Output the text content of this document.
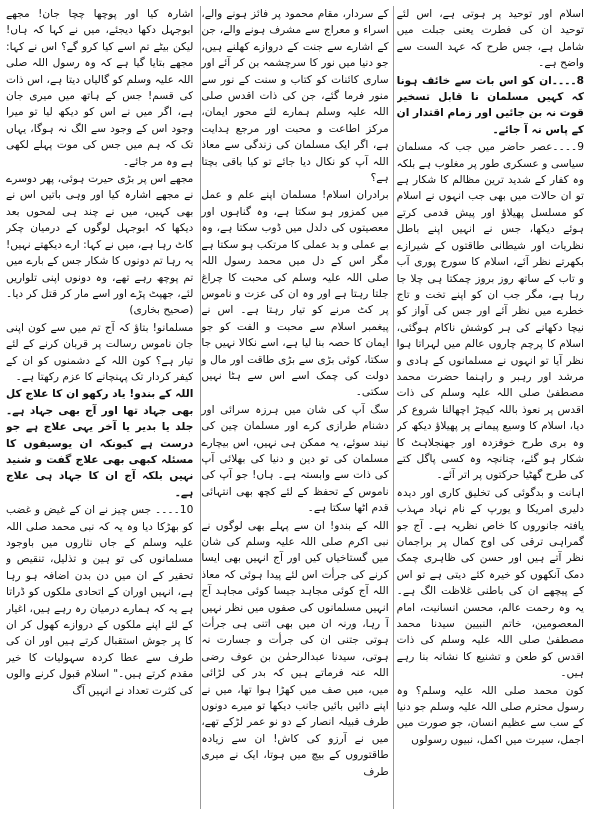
اسلام اور توحید پر ہوتی ہے، اس لئے توحید ان کی فطرت یعنی جبلت میں شامل ہے، جس طرح کہ عہد الست سے واضح ہے۔

8۔۔۔۔ان کو اس بات سے خائف ہونا کہ کہیں مسلمان نا قابل تسخیر قوت نہ بن جائیں اور زمام اقتدار ان کے پاس نہ آ جائے۔

9۔۔۔۔عصر حاضر میں جب کہ مسلمان سیاسی و عسکری طور پر مغلوب ہے بلکہ وہ کفار کے شدید ترین مظالم کا شکار ہے تو ان حالات میں بھی جب انہوں نے اسلام کو مسلسل پھیلاؤ اور پیش قدمی کرتے ہوئے دیکھا، جس نے انہیں اپنے باطل نظریات اور شیطانی طاقتوں کے شیرازے بکھرتے نظر آئے، اسلام کا سورج پوری آب و تاب کے ساتھ روز بروز چمکتا ہی چلا جا رہا ہے، مگر جب ان کو اپنے تخت و تاج خطرے میں نظر آئے اور جس کی آواز کو نیچا دکھانے کی ہر کوشش ناکام ہوگئی، اسلام کا پرچم چاروں عالم میں لہراتا ہوا نظر آیا تو انہوں نے مسلمانوں کے ہادی و مرشد اور رہبر و راہنما حضرت محمد مصطفیٰ صلی اللہ علیہ وسلم کی ذات اقدس پر نعوذ باللہ کیچڑ اچھالنا شروع کر دیا، اسلام کا وسیع پیمانے پر پھیلاؤ دیکھ کر وہ بری طرح خوفزدہ اور جھنجلاہٹ کا شکار ہو گئے، چنانچہ وہ کسی پاگل کتے کی طرح گھٹیا حرکتوں پر اتر آئے۔

اہانت و بدگوئی کی تخلیق کاری اور دیدہ دلیری امریکا و یورپ کے نام نہاد مہذب یافتہ جانوروں کا خاص نظریہ ہے۔ آج جو گمراہی ترقی کی اوج کمال پر براجمان نظر آتے ہیں اور حسن کی ظاہری چمک دمک آنکھوں کو خیرہ کئے دیتی ہے تو اس کے پیچھے ان کی باطنی غلاظت الگ ہے۔ یہ وہ رحمت عالم، محسن انسانیت، امام المعصومین، خاتم النبیین سیدنا محمد مصطفیٰ صلی اللہ علیہ وسلم کی ذات اقدس کو طعن و تشنیع کا نشانہ بنا رہے ہیں۔

کون محمد صلی اللہ علیہ وسلم؟ وہ رسول محترم صلی اللہ علیہ وسلم جو دنیا کے سب سے عظیم انسان، جو صورت میں اجمل، سیرت میں اکمل، نبیوں رسولوں

کے سردار، مقام محمود پر فائز ہونے والے، اسراء و معراج سے مشرف ہونے والے، جن کے اشارے سے جنت کے دروازے کھلنے ہیں، جو دنیا میں نور کا سرچشمہ بن کر آئے اور ساری کائنات کو کتاب و سنت کے نور سے منور فرما گئے، جن کی ذات اقدس صلی اللہ علیہ وسلم ہمارے لئے محور ایمان، مرکز اطاعت و محبت اور مرجع ہدایت ہے، اگر ایک مسلمان کی زندگی سے معاذ اللہ آپ کو نکال دیا جائے تو کیا باقی بچتا ہے؟

برادران اسلام! مسلمان اپنے علم و عمل میں کمزور ہو سکتا ہے، وہ گناہوں اور معصیتوں کی دلدل میں ڈوب سکتا ہے، وہ بے عملی و بد عملی کا مرتکب ہو سکتا ہے مگر اس کے دل میں محمد رسول اللہ صلی اللہ علیہ وسلم کی محبت کا چراغ جلتا رہتا ہے اور وہ ان کی عزت و ناموس پر کٹ مرنے کو تیار رہتا ہے۔ اس نے پیغمبر اسلام سے محبت و الفت کو جو ایمان کا حصہ بنا لیا ہے، اسے نکالا نہیں جا سکتا، کوئی بڑی سے بڑی طاقت اور مال و دولت کی چمک اسے اس سے ہٹا نہیں سکتی۔

سگ آپ کی شان میں ہرزہ سرائی اور دشنام طرازی کرے اور مسلمان چین کی نیند سوئے، یہ ممکن ہی نہیں، اس بیچارے مسلمان کی تو دین و دنیا کی بھلائی آپ کی ذات سے وابستہ ہے۔ ہاں! جو آپ کی ناموس کے تحفظ کے لئے کچھ بھی انتہائی قدم اٹھا سکتا ہے۔

اللہ کے بندو! ان سے پہلے بھی لوگوں نے نبی اکرم صلی اللہ علیہ وسلم کی شان میں گستاخیاں کیں اور آج انہیں بھی ایسا کرنے کی جرأت اس لئے پیدا ہوئی کہ معاذ اللہ آج کوئی مجاہد جیسا کوئی مجاہد آج انہیں مسلمانوں کی صفوں میں نظر نہیں آ رہا، ورنہ ان میں بھی اتنی ہی جرأت ہوتی جتنی ان کی جرأت و جسارت نہ ہوتی، سیدنا عبدالرحمٰن بن عوف رضی اللہ عنہ فرماتے ہیں کہ بدر کی لڑائی میں، میں صف میں کھڑا ہوا تھا، میں نے اپنے دائیں بائیں جانب دیکھا تو میرے دونوں طرف قبیلہ انصار کے دو نو عمر لڑکے تھے، میں نے آرزو کی کاش! ان سے زیادہ طاقتوروں کے بیچ میں ہوتا، ایک نے میری طرف

اشارہ کیا اور پوچھا چچا جان! مجھے ابوجہل دکھا دیجئے، میں نے کہا کہ ہاں! لیکن بیٹے تم اسے کیا کرو گے؟ اس نے کہا: مجھے بتایا گیا ہے کہ وہ رسول اللہ صلی اللہ علیہ وسلم کو گالیاں دیتا ہے، اس ذات کی قسم! جس کے ہاتھ میں میری جان ہے، اگر میں نے اس کو دیکھ لیا تو میرا وجود اس کے وجود سے الگ نہ ہوگا، یہاں تک کہ ہم میں جس کی موت پہلے لکھی ہے وہ مر جائے۔

مجھے اس پر بڑی حیرت ہوئی، پھر دوسرے نے مجھے اشارہ کیا اور وہی باتیں اس نے بھی کہیں، میں نے چند ہی لمحوں بعد دیکھا کہ ابوجہل لوگوں کے درمیان چکر کاٹ رہا ہے، میں نے کہا: ارے دیکھتے نہیں! یہ رہا تم دونوں کا شکار جس کے بارے میں تم پوچھ رہے تھے، وہ دونوں اپنی تلواریں لئے، جھپٹ پڑے اور اسے مار کر قتل کر دیا۔ (صحیح بخاری)

مسلمانو! بتاؤ کہ آج تم میں سے کون اپنی جان ناموس رسالت پر قربان کرنے کے لئے تیار ہے؟ کون اللہ کے دشمنوں کو ان کے کیفر کردار تک پہنچانے کا عزم رکھتا ہے۔

اللہ کے بندو! یاد رکھو ان کا علاج کل بھی جہاد تھا اور آج بھی جہاد ہے۔ جلد یا بدیر یا آخر یہی علاج ہے جو درست ہے کیونکہ ان یوسیفوں کا مسئلہ کبھی بھی علاج گفت و شنید نہیں بلکہ آج ان کا جہاد ہی علاج ہے۔

10۔۔۔۔ جس چیز نے ان کے غیض و غضب کو بھڑکا دیا وہ یہ کہ نبی محمد صلی اللہ علیہ وسلم کے جاں نثاروں میں باوجود مسلمانوں کی تو ہین و تذلیل، تنقیص و تحقیر کے ان میں دن بدن اضافہ ہو رہا ہے، انہیں اوران کے اتحادی ملکوں کو ڈراتا ہے یہ کہ ہمارے درمیان رہ رہے ہیں، اغیار کے لئے اپنے ملکوں کے دروازے کھول کر ان کا پر جوش استقبال کرتے ہیں اور ان کی طرف سے عطا کردہ سہولیات کا خیر مقدم کرتے ہیں۔" اسلام قبول کرنے والوں کی کثرت تعداد نے انہیں آگ
